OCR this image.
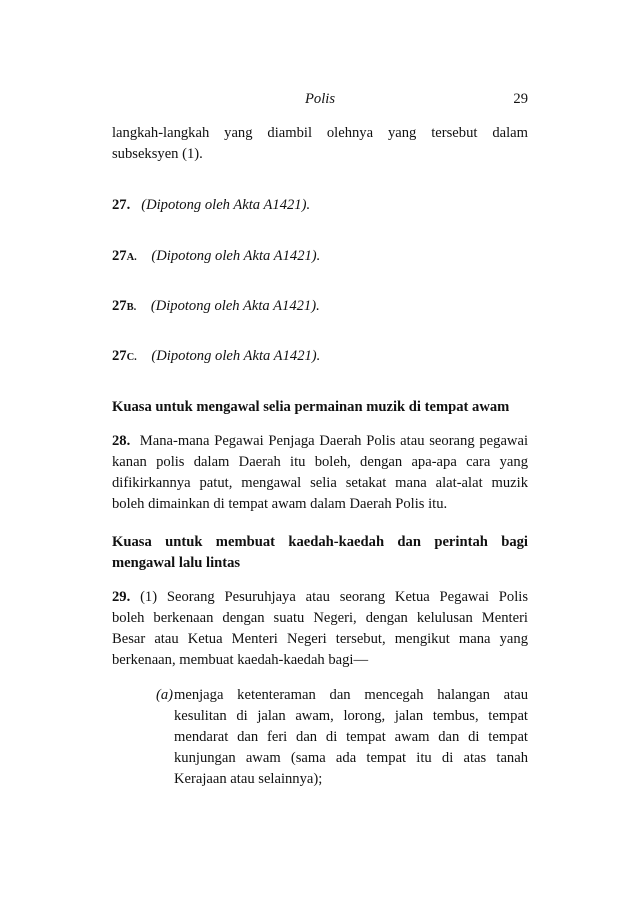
Polis	29
langkah-langkah yang diambil olehnya yang tersebut dalam
subseksyen (1).
27. (Dipotong oleh Akta A1421).
27A. (Dipotong oleh Akta A1421).
27B. (Dipotong oleh Akta A1421).
27C. (Dipotong oleh Akta A1421).
Kuasa untuk mengawal selia permainan muzik di tempat awam
28. Mana-mana Pegawai Penjaga Daerah Polis atau seorang pegawai
kanan polis dalam Daerah itu boleh, dengan apa-apa cara yang
difikirkannya patut, mengawal selia setakat mana alat-alat muzik
boleh dimainkan di tempat awam dalam Daerah Polis itu.
Kuasa untuk membuat kaedah-kaedah dan perintah bagi
mengawal lalu lintas
29. (1) Seorang Pesuruhjaya atau seorang Ketua Pegawai Polis
boleh berkenaan dengan suatu Negeri, dengan kelulusan Menteri
Besar atau Ketua Menteri Negeri tersebut, mengikut mana yang
berkenaan, membuat kaedah-kaedah bagi—
(a) menjaga ketenteraman dan mencegah halangan atau
kesulitan di jalan awam, lorong, jalan tembus, tempat
mendarat dan feri dan di tempat awam dan di tempat
kunjungan awam (sama ada tempat itu di atas tanah
Kerajaan atau selainnya);
